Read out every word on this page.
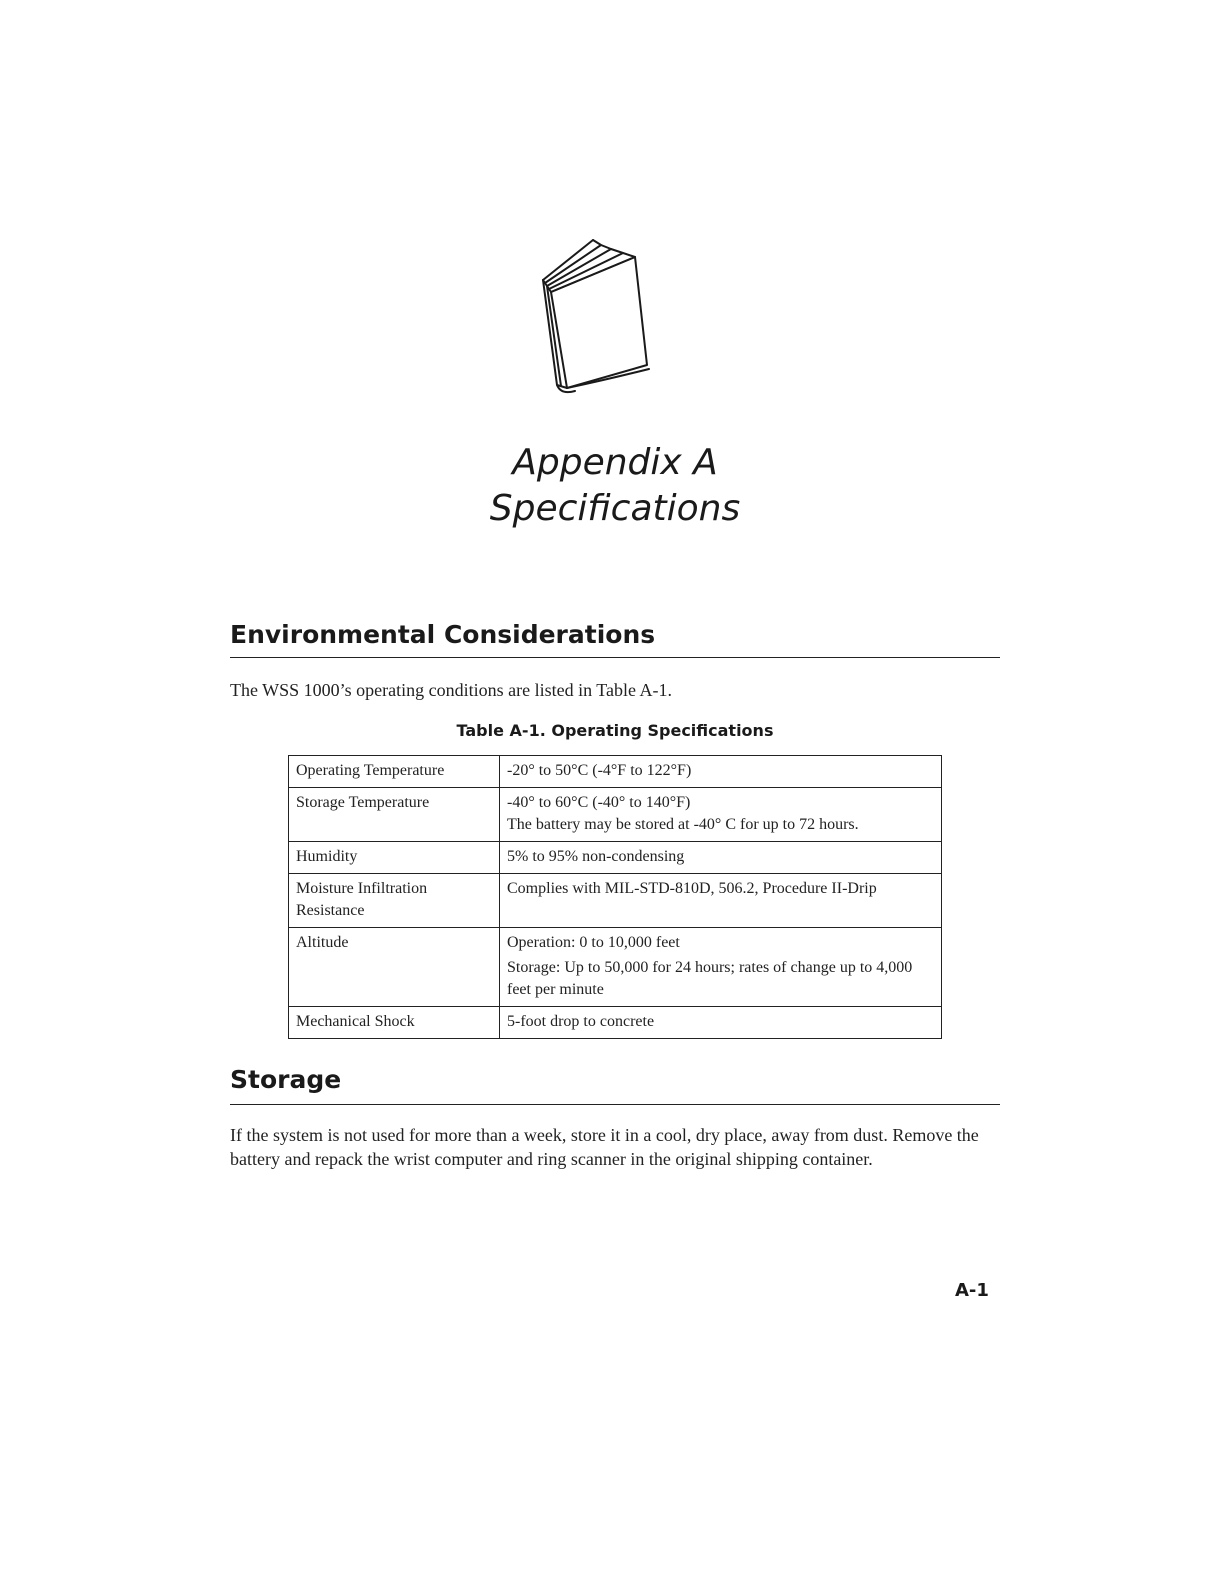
Appendix A
Specifications
Environmental Considerations

The WSS 1000’s operating conditions are listed in Table A-1.

Table A-1. Operating Specifications
Operating Temperature	-20° to 50°C (-4°F to 122°F)

Storage Temperature	-40° to 60°C (-40° to 140°F)
The battery may be stored at -40° C for up to 72 hours.

Humidity	5% to 95% non-condensing

Moisture Infiltration Resistance	Complies with MIL-STD-810D, 506.2, Procedure II-Drip

Altitude	Operation: 0 to 10,000 feet
Storage: Up to 50,000 for 24 hours; rates of change up to 4,000 feet per minute

Mechanical Shock	5-foot drop to concrete
Storage

If the system is not used for more than a week, store it in a cool, dry place, away from dust. Remove the battery and repack the wrist computer and ring scanner in the original shipping container.

A-1
